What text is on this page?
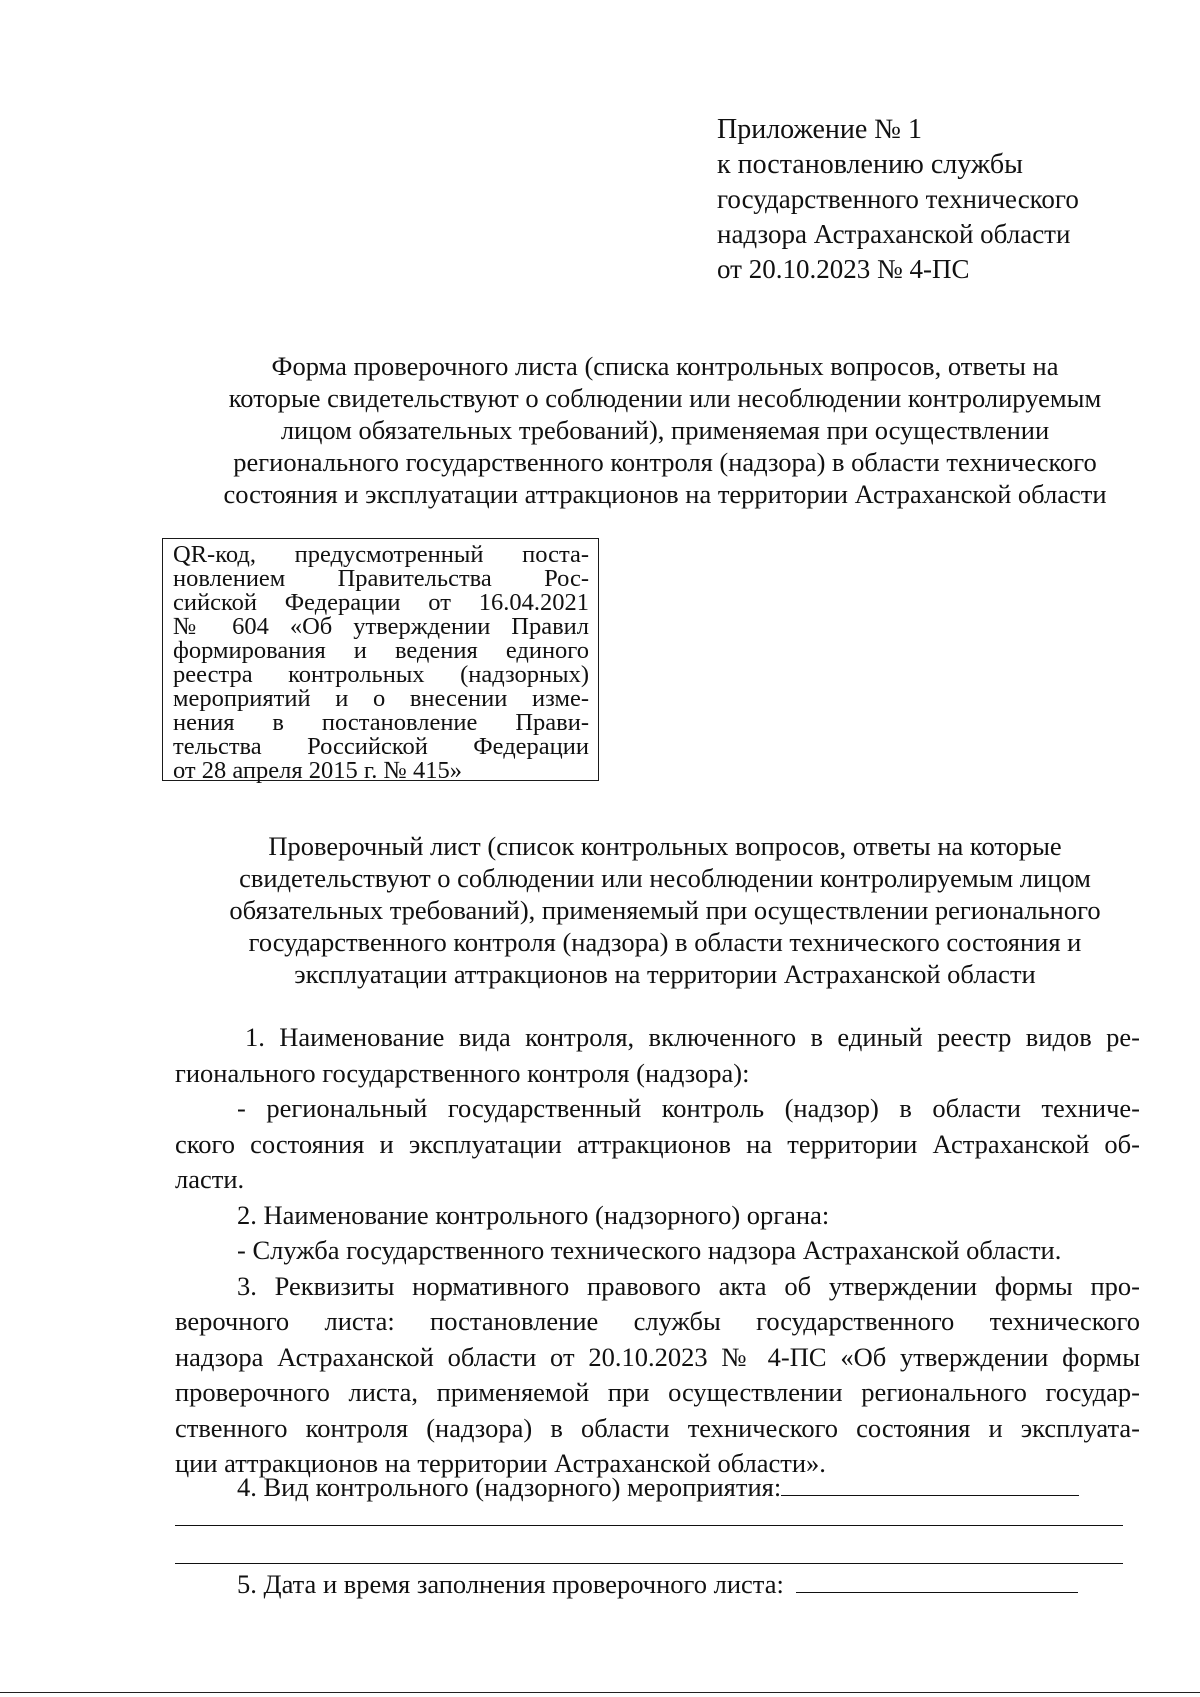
Приложение № 1
к постановлению службы
государственного технического
надзора Астраханской области
от 20.10.2023 № 4-ПС
Форма проверочного листа (списка контрольных вопросов, ответы на
которые свидетельствуют о соблюдении или несоблюдении контролируемым
лицом обязательных требований), применяемая при осуществлении
регионального государственного контроля (надзора) в области технического
состояния и эксплуатации аттракционов на территории Астраханской области
QR-код, предусмотренный поста-
новлением Правительства Рос-
сийской Федерации от 16.04.2021
№ 604 «Об утверждении Правил
формирования и ведения единого
реестра контрольных (надзорных)
мероприятий и о внесении изме-
нения в постановление Прави-
тельства Российской Федерации
от 28 апреля 2015 г. № 415»
Проверочный лист (список контрольных вопросов, ответы на которые
свидетельствуют о соблюдении или несоблюдении контролируемым лицом
обязательных требований), применяемый при осуществлении регионального
государственного контроля (надзора) в области технического состояния и
эксплуатации аттракционов на территории Астраханской области
1. Наименование вида контроля, включенного в единый реестр видов ре-
гионального государственного контроля (надзора):
- региональный государственный контроль (надзор) в области техниче-
ского состояния и эксплуатации аттракционов на территории Астраханской об-
ласти.
2. Наименование контрольного (надзорного) органа:
- Служба государственного технического надзора Астраханской области.
3. Реквизиты нормативного правового акта об утверждении формы про-
верочного листа: постановление службы государственного технического
надзора Астраханской области от 20.10.2023 № 4-ПС «Об утверждении формы
проверочного листа, применяемой при осуществлении регионального государ-
ственного контроля (надзора) в области технического состояния и эксплуата-
ции аттракционов на территории Астраханской области».
4. Вид контрольного (надзорного) мероприятия:
5. Дата и время заполнения проверочного листа:
